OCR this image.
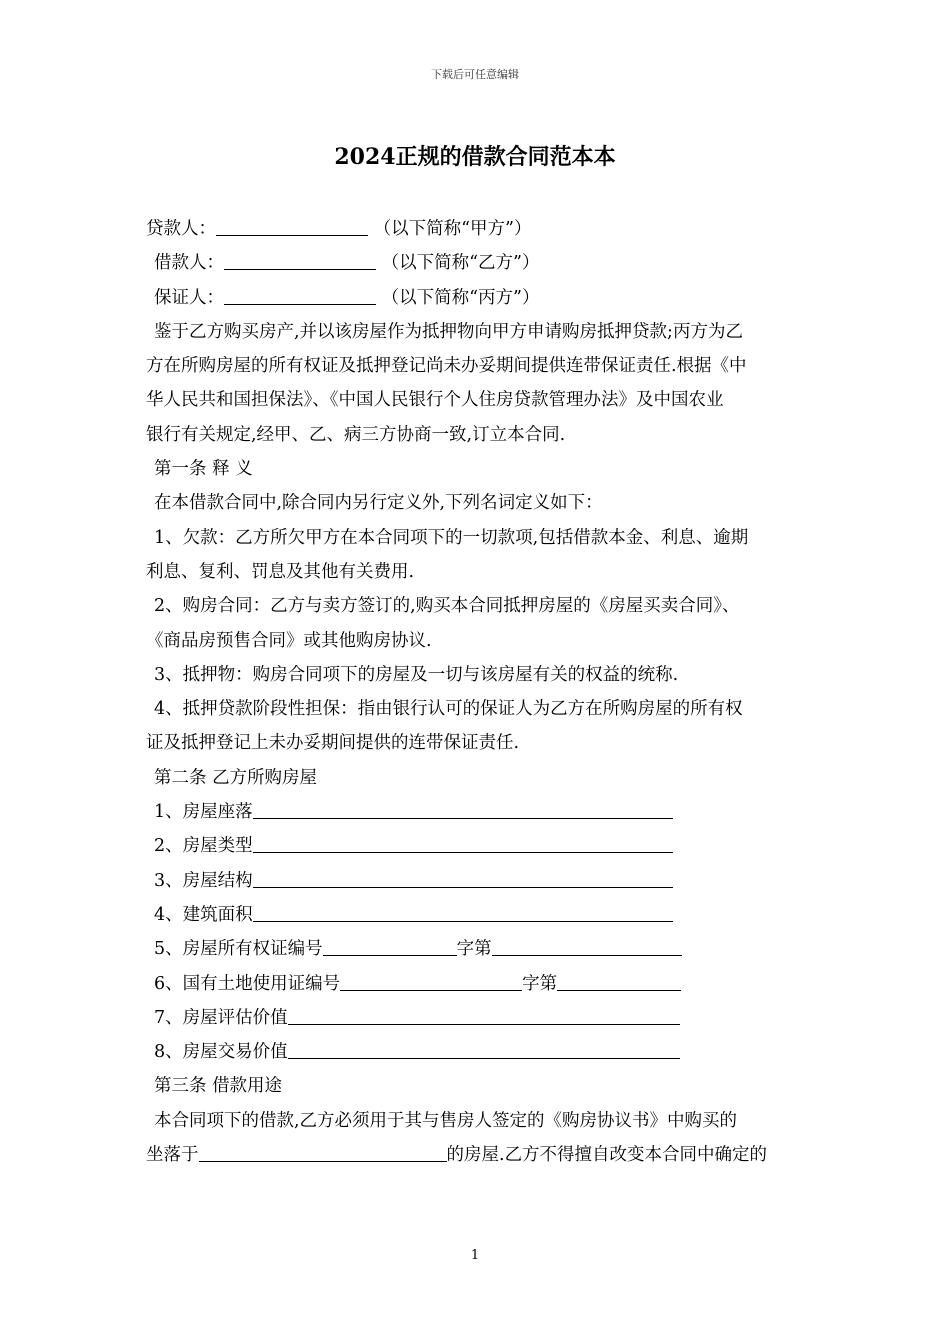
下载后可任意编辑
2024正规的借款合同范本本
贷款人：	（以下简称“甲方”）
借款人：	（以下简称“乙方”）
保证人：	（以下简称“丙方”）
鉴于乙方购买房产,并以该房屋作为抵押物向甲方申请购房抵押贷款;丙方为乙
方在所购房屋的所有权证及抵押登记尚未办妥期间提供连带保证责任.根据《中
华人民共和国担保法》、《中国人民银行个人住房贷款管理办法》及中国农业
银行有关规定,经甲、乙、病三方协商一致,订立本合同.
第一条 释 义
在本借款合同中,除合同内另行定义外,下列名词定义如下：
1、欠款：乙方所欠甲方在本合同项下的一切款项,包括借款本金、利息、逾期
利息、复利、罚息及其他有关费用.
2、购房合同：乙方与卖方签订的,购买本合同抵押房屋的《房屋买卖合同》、
《商品房预售合同》或其他购房协议.
3、抵押物：购房合同项下的房屋及一切与该房屋有关的权益的统称.
4、抵押贷款阶段性担保：指由银行认可的保证人为乙方在所购房屋的所有权
证及抵押登记上未办妥期间提供的连带保证责任.
第二条 乙方所购房屋
1、房屋座落
2、房屋类型
3、房屋结构
4、建筑面积
5、房屋所有权证编号	字第
6、国有土地使用证编号	字第
7、房屋评估价值
8、房屋交易价值
第三条 借款用途
本合同项下的借款,乙方必须用于其与售房人签定的《购房协议书》中购买的
坐落于	的房屋.乙方不得擅自改变本合同中确定的
1
